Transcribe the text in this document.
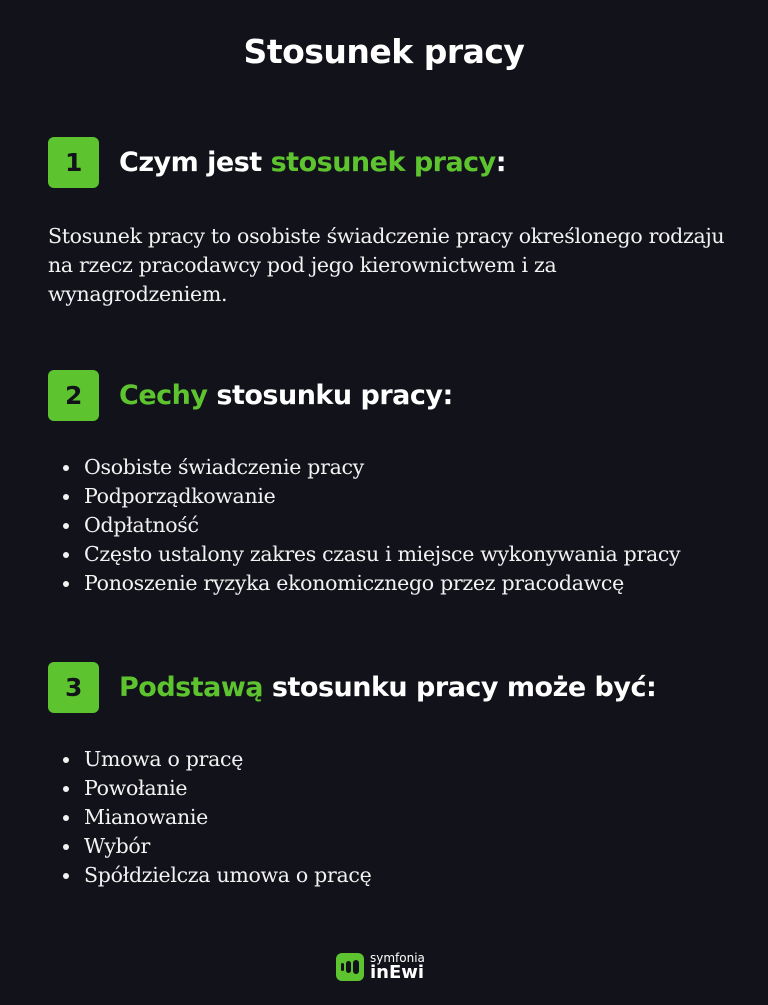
Stosunek pracy
1	Czym jest stosunek pracy :
Stosunek pracy to osobiste świadczenie pracy określonego rodzaju na rzecz pracodawcy pod jego kierownictwem i za wynagrodzeniem.
2	Cechy stosunku pracy:
• Osobiste świadczenie pracy
• Podporządkowanie
• Odpłatność
• Często ustalony zakres czasu i miejsce wykonywania pracy
• Ponoszenie ryzyka ekonomicznego przez pracodawcę
3	Podstawą stosunku pracy może być:
• Umowa o pracę
• Powołanie
• Mianowanie
• Wybór
• Spółdzielcza umowa o pracę
symfonia
inEwi
